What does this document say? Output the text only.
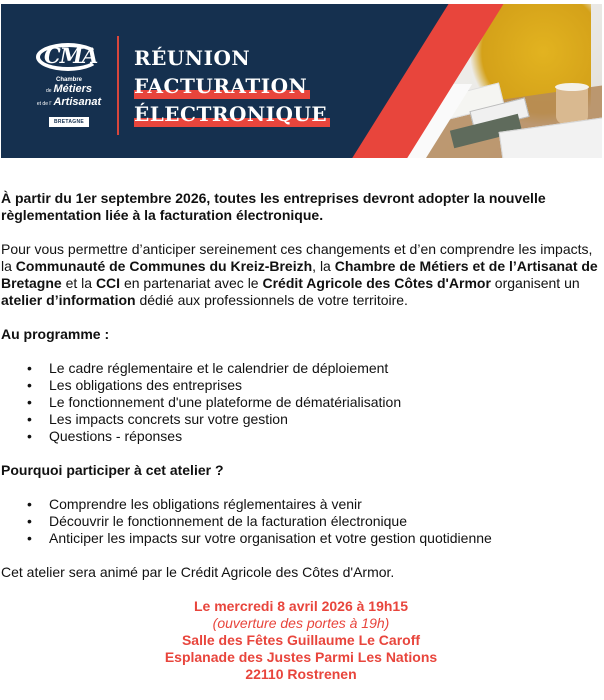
CMA
Chambre
de Métiers
et de l' Artisanat
BRETAGNE
RÉUNION
FACTURATION
ÉLECTRONIQUE

À partir du 1er septembre 2026, toutes les entreprises devront adopter la nouvelle règlementation liée à la facturation électronique.

Pour vous permettre d’anticiper sereinement ces changements et d’en comprendre les impacts, la Communauté de Communes du Kreiz-Breizh, la Chambre de Métiers et de l’Artisanat de Bretagne et la CCI en partenariat avec le Crédit Agricole des Côtes d'Armor organisent un atelier d’information dédié aux professionnels de votre territoire.

Au programme :

• Le cadre réglementaire et le calendrier de déploiement
• Les obligations des entreprises
• Le fonctionnement d'une plateforme de dématérialisation
• Les impacts concrets sur votre gestion
• Questions - réponses

Pourquoi participer à cet atelier ?

• Comprendre les obligations réglementaires à venir
• Découvrir le fonctionnement de la facturation électronique
• Anticiper les impacts sur votre organisation et votre gestion quotidienne

Cet atelier sera animé par le Crédit Agricole des Côtes d'Armor.

Le mercredi 8 avril 2026 à 19h15
(ouverture des portes à 19h)
Salle des Fêtes Guillaume Le Caroff
Esplanade des Justes Parmi Les Nations
22110 Rostrenen
